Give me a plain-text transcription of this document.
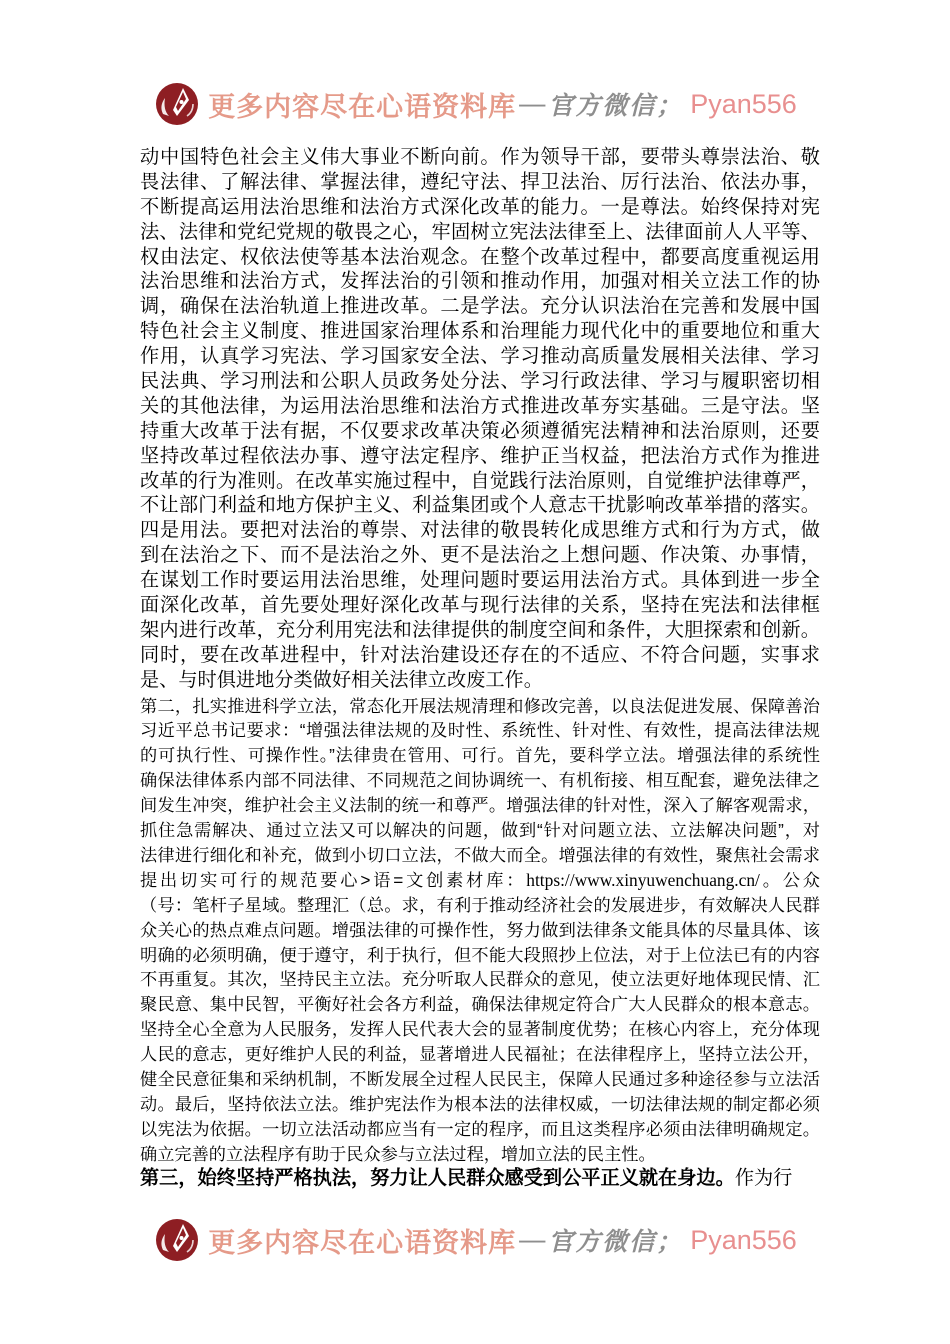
更多内容尽在心语资料库 — 官方微信； Pyan556
动中国特色社会主义伟大事业不断向前。作为领导干部，要带头尊崇法治、敬
畏法律、了解法律、掌握法律，遵纪守法、捍卫法治、厉行法治、依法办事，
不断提高运用法治思维和法治方式深化改革的能力。一是尊法。始终保持对宪
法、法律和党纪党规的敬畏之心，牢固树立宪法法律至上、法律面前人人平等、
权由法定、权依法使等基本法治观念。在整个改革过程中，都要高度重视运用
法治思维和法治方式，发挥法治的引领和推动作用，加强对相关立法工作的协
调，确保在法治轨道上推进改革。二是学法。充分认识法治在完善和发展中国
特色社会主义制度、推进国家治理体系和治理能力现代化中的重要地位和重大
作用，认真学习宪法、学习国家安全法、学习推动高质量发展相关法律、学习
民法典、学习刑法和公职人员政务处分法、学习行政法律、学习与履职密切相
关的其他法律，为运用法治思维和法治方式推进改革夯实基础。三是守法。坚
持重大改革于法有据，不仅要求改革决策必须遵循宪法精神和法治原则，还要
坚持改革过程依法办事、遵守法定程序、维护正当权益，把法治方式作为推进
改革的行为准则。在改革实施过程中，自觉践行法治原则，自觉维护法律尊严，
不让部门利益和地方保护主义、利益集团或个人意志干扰影响改革举措的落实。
四是用法。要把对法治的尊崇、对法律的敬畏转化成思维方式和行为方式，做
到在法治之下、而不是法治之外、更不是法治之上想问题、作决策、办事情，
在谋划工作时要运用法治思维，处理问题时要运用法治方式。具体到进一步全
面深化改革，首先要处理好深化改革与现行法律的关系，坚持在宪法和法律框
架内进行改革，充分利用宪法和法律提供的制度空间和条件，大胆探索和创新。
同时，要在改革进程中，针对法治建设还存在的不适应、不符合问题，实事求
是、与时俱进地分类做好相关法律立改废工作。
第二，扎实推进科学立法，常态化开展法规清理和修改完善，以良法促进发展、保障善治
习近平总书记要求：“增强法律法规的及时性、系统性、针对性、有效性，提高法律法规
的可执行性、可操作性。”法律贵在管用、可行。首先，要科学立法。增强法律的系统性
确保法律体系内部不同法律、不同规范之间协调统一、有机衔接、相互配套，避免法律之
间发生冲突，维护社会主义法制的统一和尊严。增强法律的针对性，深入了解客观需求，
抓住急需解决、通过立法又可以解决的问题，做到“针对问题立法、立法解决问题”，对
法律进行细化和补充，做到小切口立法，不做大而全。增强法律的有效性，聚焦社会需求
提出切实可行的规范要心>语=文创素材库：https://www.xinyuwenchuang.cn/。公众
（号：笔杆子星域。整理汇（总。求，有利于推动经济社会的发展进步，有效解决人民群
众关心的热点难点问题。增强法律的可操作性，努力做到法律条文能具体的尽量具体、该
明确的必须明确，便于遵守，利于执行，但不能大段照抄上位法，对于上位法已有的内容
不再重复。其次，坚持民主立法。充分听取人民群众的意见，使立法更好地体现民情、汇
聚民意、集中民智，平衡好社会各方利益，确保法律规定符合广大人民群众的根本意志。
坚持全心全意为人民服务，发挥人民代表大会的显著制度优势；在核心内容上，充分体现
人民的意志，更好维护人民的利益，显著增进人民福祉；在法律程序上，坚持立法公开，
健全民意征集和采纳机制，不断发展全过程人民民主，保障人民通过多种途径参与立法活
动。最后，坚持依法立法。维护宪法作为根本法的法律权威，一切法律法规的制定都必须
以宪法为依据。一切立法活动都应当有一定的程序，而且这类程序必须由法律明确规定。
确立完善的立法程序有助于民众参与立法过程，增加立法的民主性。
第三，始终坚持严格执法，努力让人民群众感受到公平正义就在身边。作为行
更多内容尽在心语资料库 — 官方微信； Pyan556
